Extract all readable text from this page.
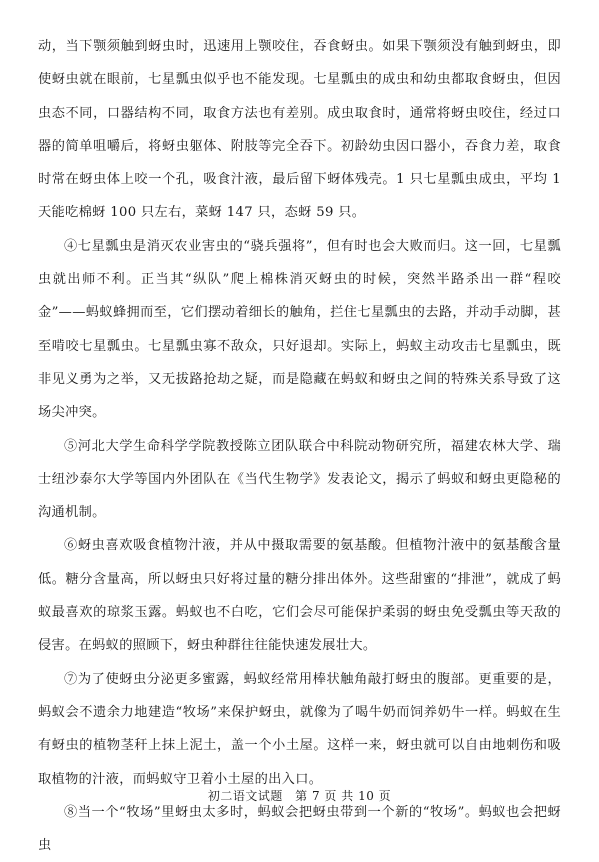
动，当下颚须触到蚜虫时，迅速用上颚咬住，吞食蚜虫。如果下颚须没有触到蚜虫，即使蚜虫就在眼前，七星瓢虫似乎也不能发现。七星瓢虫的成虫和幼虫都取食蚜虫，但因虫态不同，口器结构不同，取食方法也有差别。成虫取食时，通常将蚜虫咬住，经过口器的简单咀嚼后，将蚜虫躯体、附肢等完全吞下。初龄幼虫因口器小，吞食力差，取食时常在蚜虫体上咬一个孔，吸食汁液，最后留下蚜体残壳。1 只七星瓢虫成虫，平均 1 天能吃棉蚜 100 只左右，菜蚜 147 只，态蚜 59 只。

④七星瓢虫是消灭农业害虫的“骁兵强将”，但有时也会大败而归。这一回，七星瓢虫就出师不利。正当其“纵队”爬上棉株消灭蚜虫的时候，突然半路杀出一群“程咬金”——蚂蚁蜂拥而至，它们摆动着细长的触角，拦住七星瓢虫的去路，并动手动脚，甚至啃咬七星瓢虫。七星瓢虫寡不敌众，只好退却。实际上，蚂蚁主动攻击七星瓢虫，既非见义勇为之举，又无拔路抢劫之疑，而是隐藏在蚂蚁和蚜虫之间的特殊关系导致了这场尖冲突。

⑤河北大学生命科学学院教授陈立团队联合中科院动物研究所，福建农林大学、瑞士纽沙泰尔大学等国内外团队在《当代生物学》发表论文，揭示了蚂蚁和蚜虫更隐秘的沟通机制。

⑥蚜虫喜欢吸食植物汁液，并从中摄取需要的氨基酸。但植物汁液中的氨基酸含量低。糖分含量高，所以蚜虫只好将过量的糖分排出体外。这些甜蜜的“排泄”，就成了蚂蚁最喜欢的琼浆玉露。蚂蚁也不白吃，它们会尽可能保护柔弱的蚜虫免受瓢虫等天敌的侵害。在蚂蚁的照顾下，蚜虫种群往往能快速发展壮大。

⑦为了使蚜虫分泌更多蜜露，蚂蚁经常用棒状触角敲打蚜虫的腹部。更重要的是，蚂蚁会不遗余力地建造“牧场”来保护蚜虫，就像为了喝牛奶而饲养奶牛一样。蚂蚁在生有蚜虫的植物茎秆上抹上泥土，盖一个小土屋。这样一来，蚜虫就可以自由地刺伤和吸取植物的汁液，而蚂蚁守卫着小土屋的出入口。

⑧当一个“牧场”里蚜虫太多时，蚂蚁会把蚜虫带到一个新的“牧场”。蚂蚁也会把蚜虫

初二语文试题 第 7 页 共 10 页
